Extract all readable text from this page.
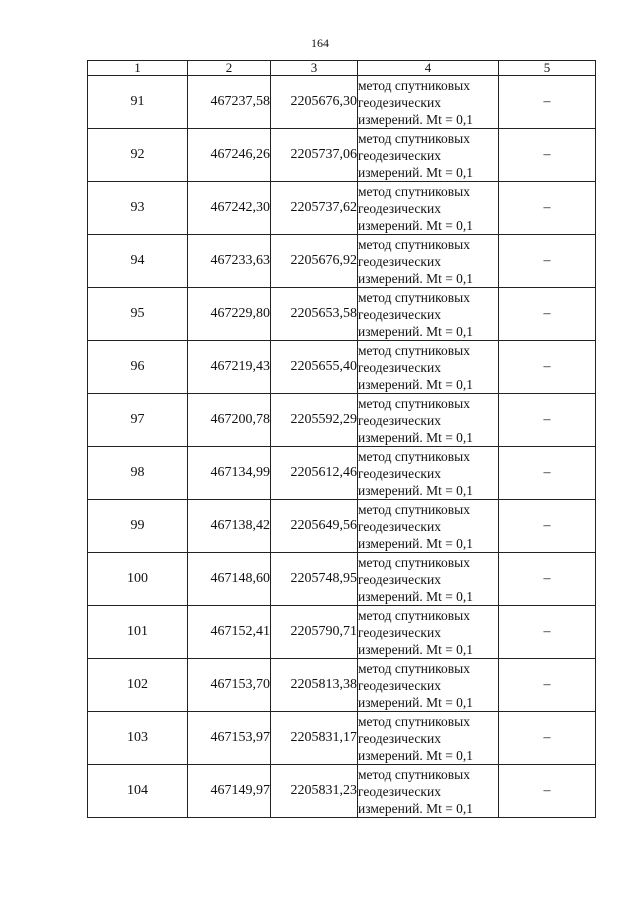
164
1	2	3	4	5
91	467237,58	2205676,30	метод спутниковых
геодезических
измерений. Mt = 0,1	–
92	467246,26	2205737,06	метод спутниковых
геодезических
измерений. Mt = 0,1	–
93	467242,30	2205737,62	метод спутниковых
геодезических
измерений. Mt = 0,1	–
94	467233,63	2205676,92	метод спутниковых
геодезических
измерений. Mt = 0,1	–
95	467229,80	2205653,58	метод спутниковых
геодезических
измерений. Mt = 0,1	–
96	467219,43	2205655,40	метод спутниковых
геодезических
измерений. Mt = 0,1	–
97	467200,78	2205592,29	метод спутниковых
геодезических
измерений. Mt = 0,1	–
98	467134,99	2205612,46	метод спутниковых
геодезических
измерений. Mt = 0,1	–
99	467138,42	2205649,56	метод спутниковых
геодезических
измерений. Mt = 0,1	–
100	467148,60	2205748,95	метод спутниковых
геодезических
измерений. Mt = 0,1	–
101	467152,41	2205790,71	метод спутниковых
геодезических
измерений. Mt = 0,1	–
102	467153,70	2205813,38	метод спутниковых
геодезических
измерений. Mt = 0,1	–
103	467153,97	2205831,17	метод спутниковых
геодезических
измерений. Mt = 0,1	–
104	467149,97	2205831,23	метод спутниковых
геодезических
измерений. Mt = 0,1	–
